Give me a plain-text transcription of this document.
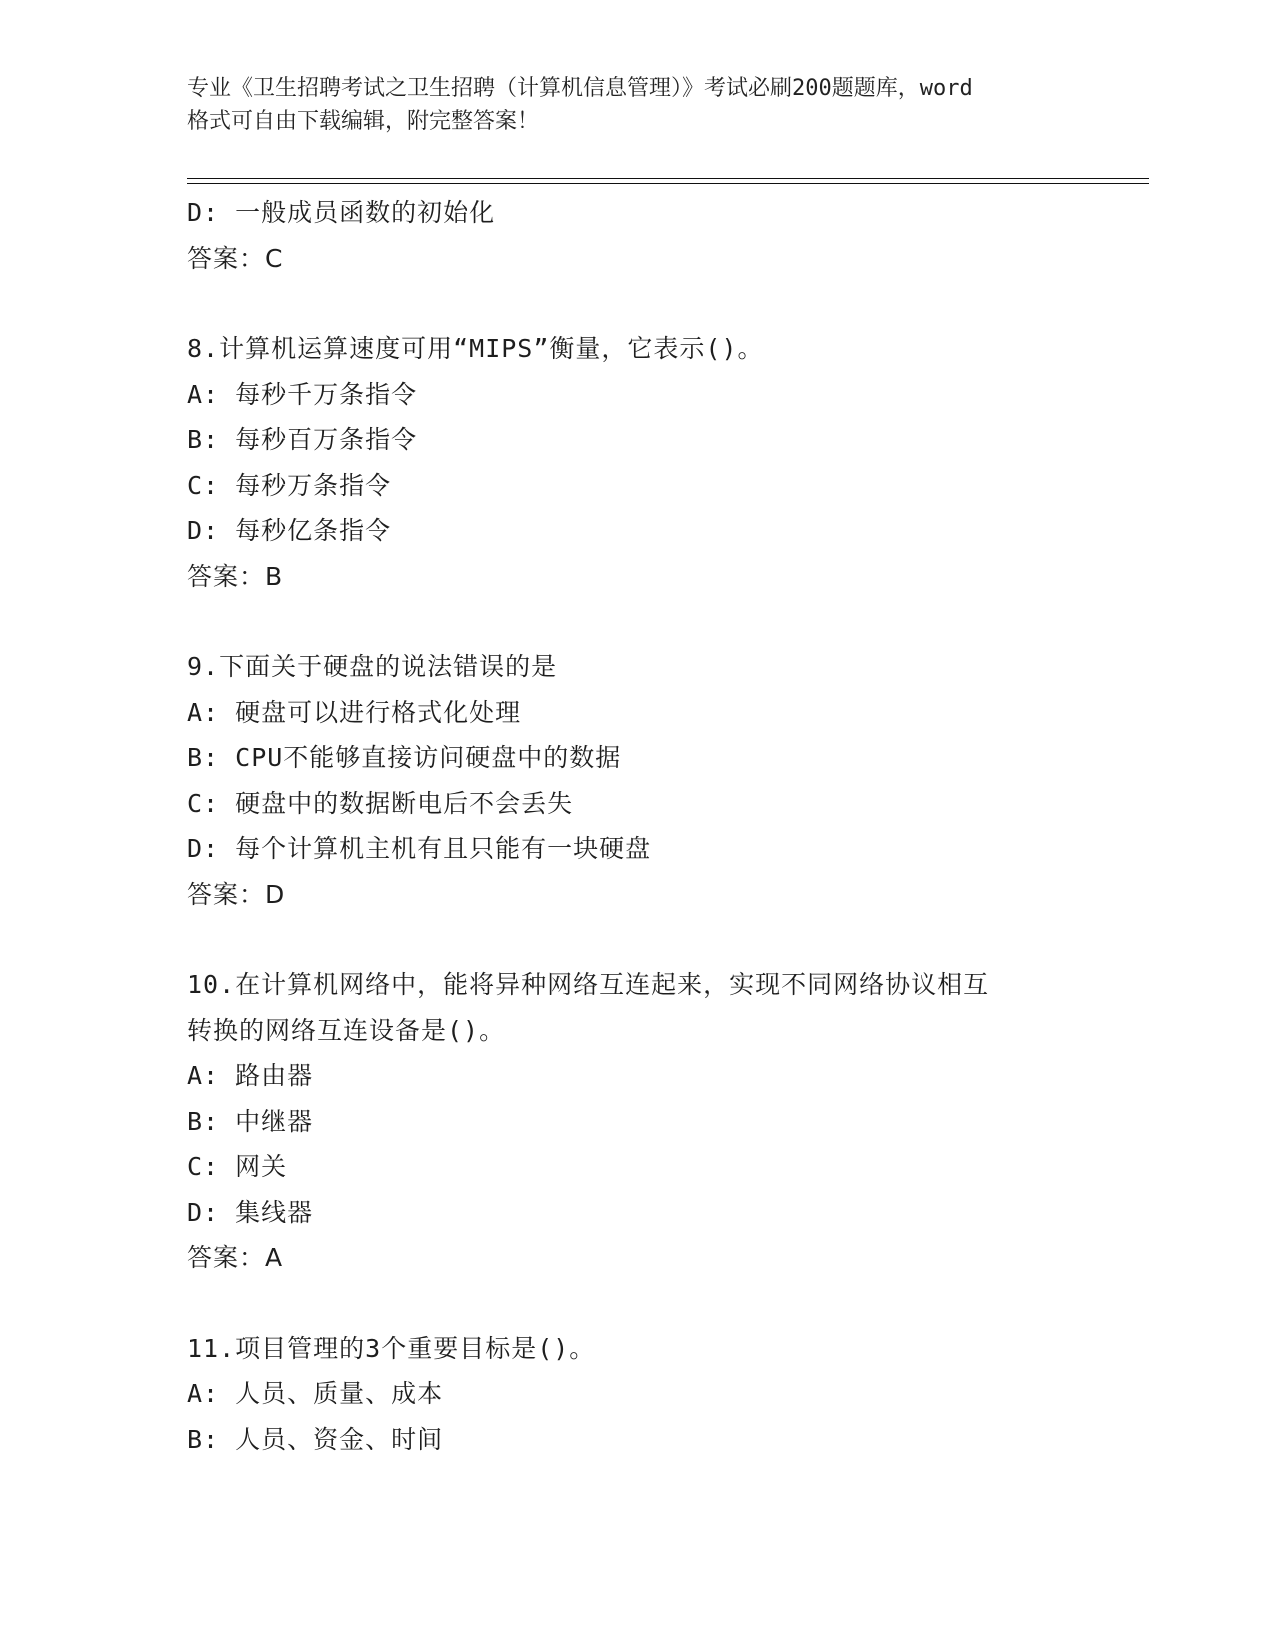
专业《卫生招聘考试之卫生招聘（计算机信息管理）》考试必刷200题题库，word
格式可自由下载编辑，附完整答案！
D: 一般成员函数的初始化
答案：C
8.计算机运算速度可用“MIPS”衡量，它表示()。
A: 每秒千万条指令
B: 每秒百万条指令
C: 每秒万条指令
D: 每秒亿条指令
答案：B
9.下面关于硬盘的说法错误的是
A: 硬盘可以进行格式化处理
B: CPU不能够直接访问硬盘中的数据
C: 硬盘中的数据断电后不会丢失
D: 每个计算机主机有且只能有一块硬盘
答案：D
10.在计算机网络中，能将异种网络互连起来，实现不同网络协议相互
转换的网络互连设备是()。
A: 路由器
B: 中继器
C: 网关
D: 集线器
答案：A
11.项目管理的3个重要目标是()。
A: 人员、质量、成本
B: 人员、资金、时间
